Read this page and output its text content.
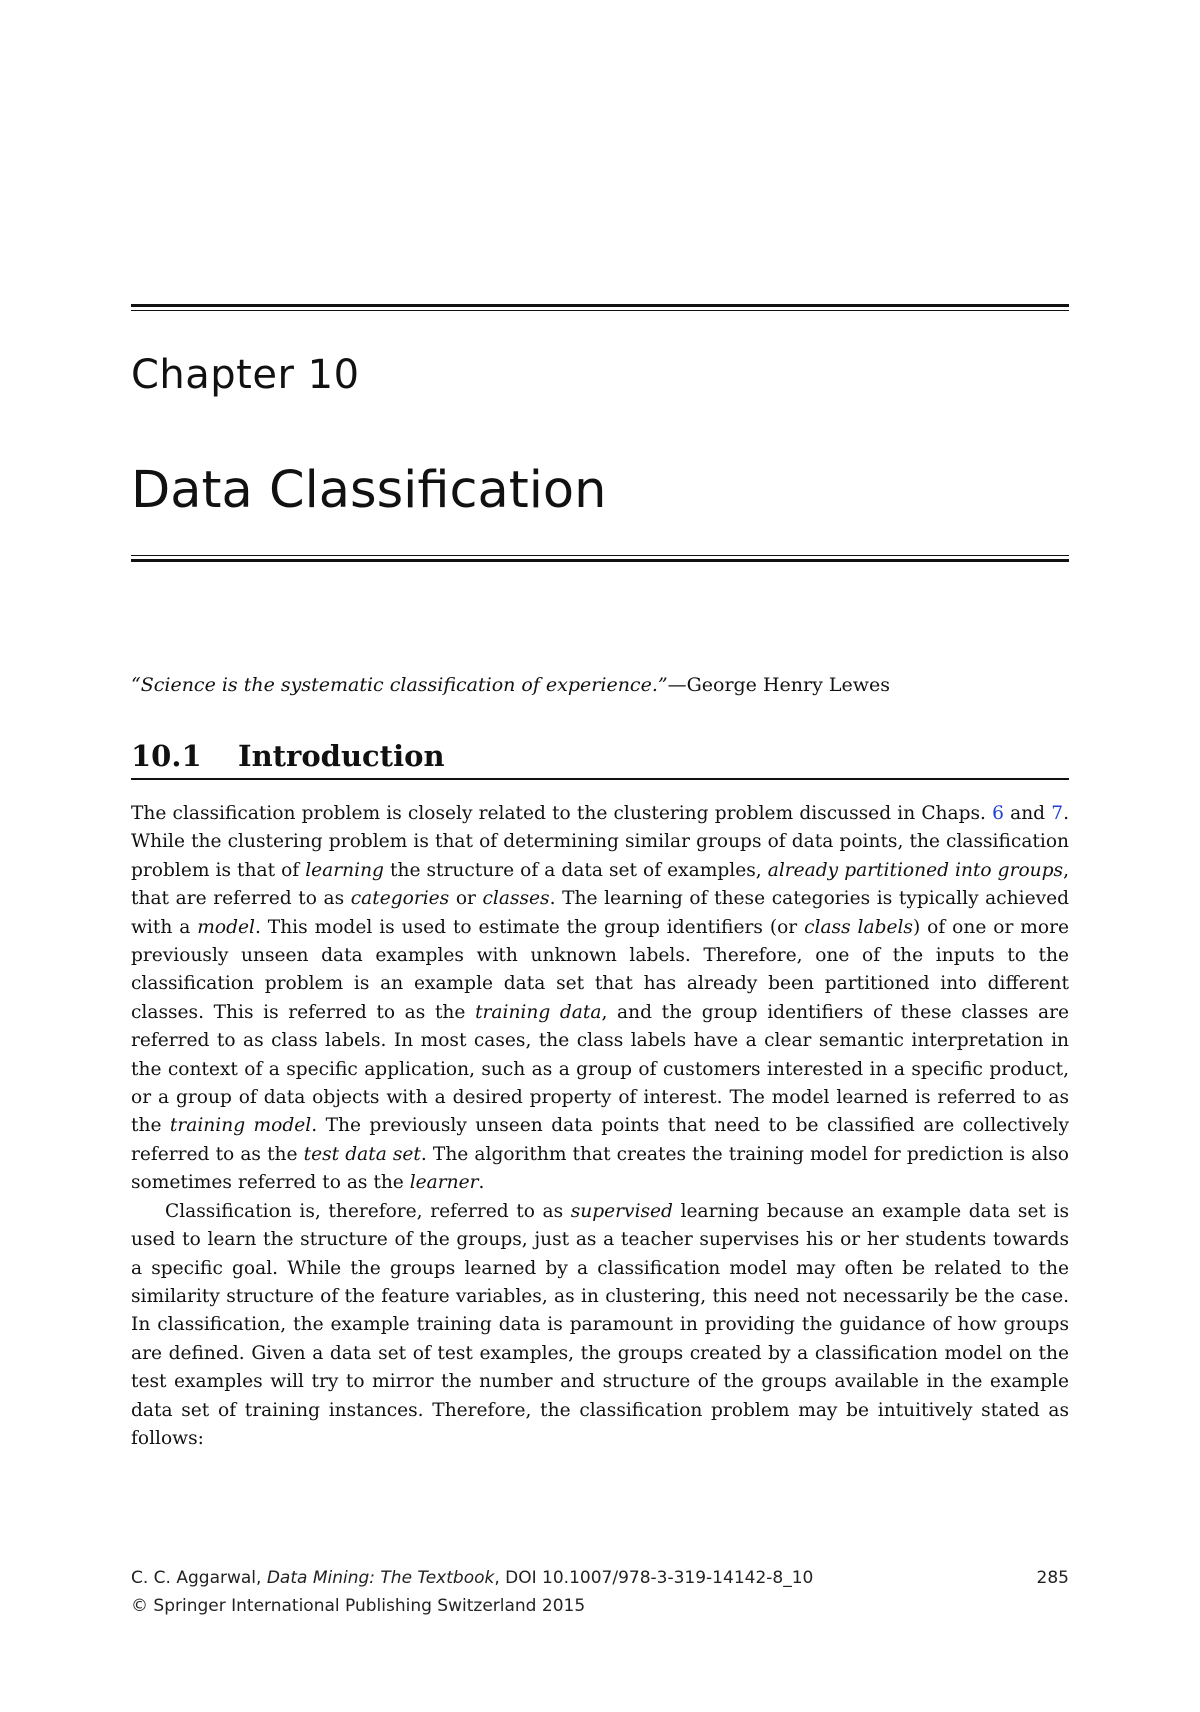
Chapter 10
Data Classification
“Science is the systematic classification of experience.”—George Henry Lewes
10.1 Introduction

The classification problem is closely related to the clustering problem discussed in Chaps. 6 and 7. While the clustering problem is that of determining similar groups of data points, the classification problem is that of learning the structure of a data set of examples, already partitioned into groups, that are referred to as categories or classes. The learning of these categories is typically achieved with a model. This model is used to estimate the group identifiers (or class labels) of one or more previously unseen data examples with unknown labels. Therefore, one of the inputs to the classification problem is an example data set that has already been partitioned into different classes. This is referred to as the training data, and the group identifiers of these classes are referred to as class labels. In most cases, the class labels have a clear semantic interpretation in the context of a specific application, such as a group of customers interested in a specific product, or a group of data objects with a desired property of interest. The model learned is referred to as the training model. The previously unseen data points that need to be classified are collectively referred to as the test data set. The algorithm that creates the training model for prediction is also sometimes referred to as the learner.

Classification is, therefore, referred to as supervised learning because an example data set is used to learn the structure of the groups, just as a teacher supervises his or her students towards a specific goal. While the groups learned by a classification model may often be related to the similarity structure of the feature variables, as in clustering, this need not necessarily be the case. In classification, the example training data is paramount in providing the guidance of how groups are defined. Given a data set of test examples, the groups created by a classification model on the test examples will try to mirror the number and structure of the groups available in the example data set of training instances. Therefore, the classification problem may be intuitively stated as follows:

C. C. Aggarwal, Data Mining: The Textbook, DOI 10.1007/978-3-319-14142-8_10	285
© Springer International Publishing Switzerland 2015
